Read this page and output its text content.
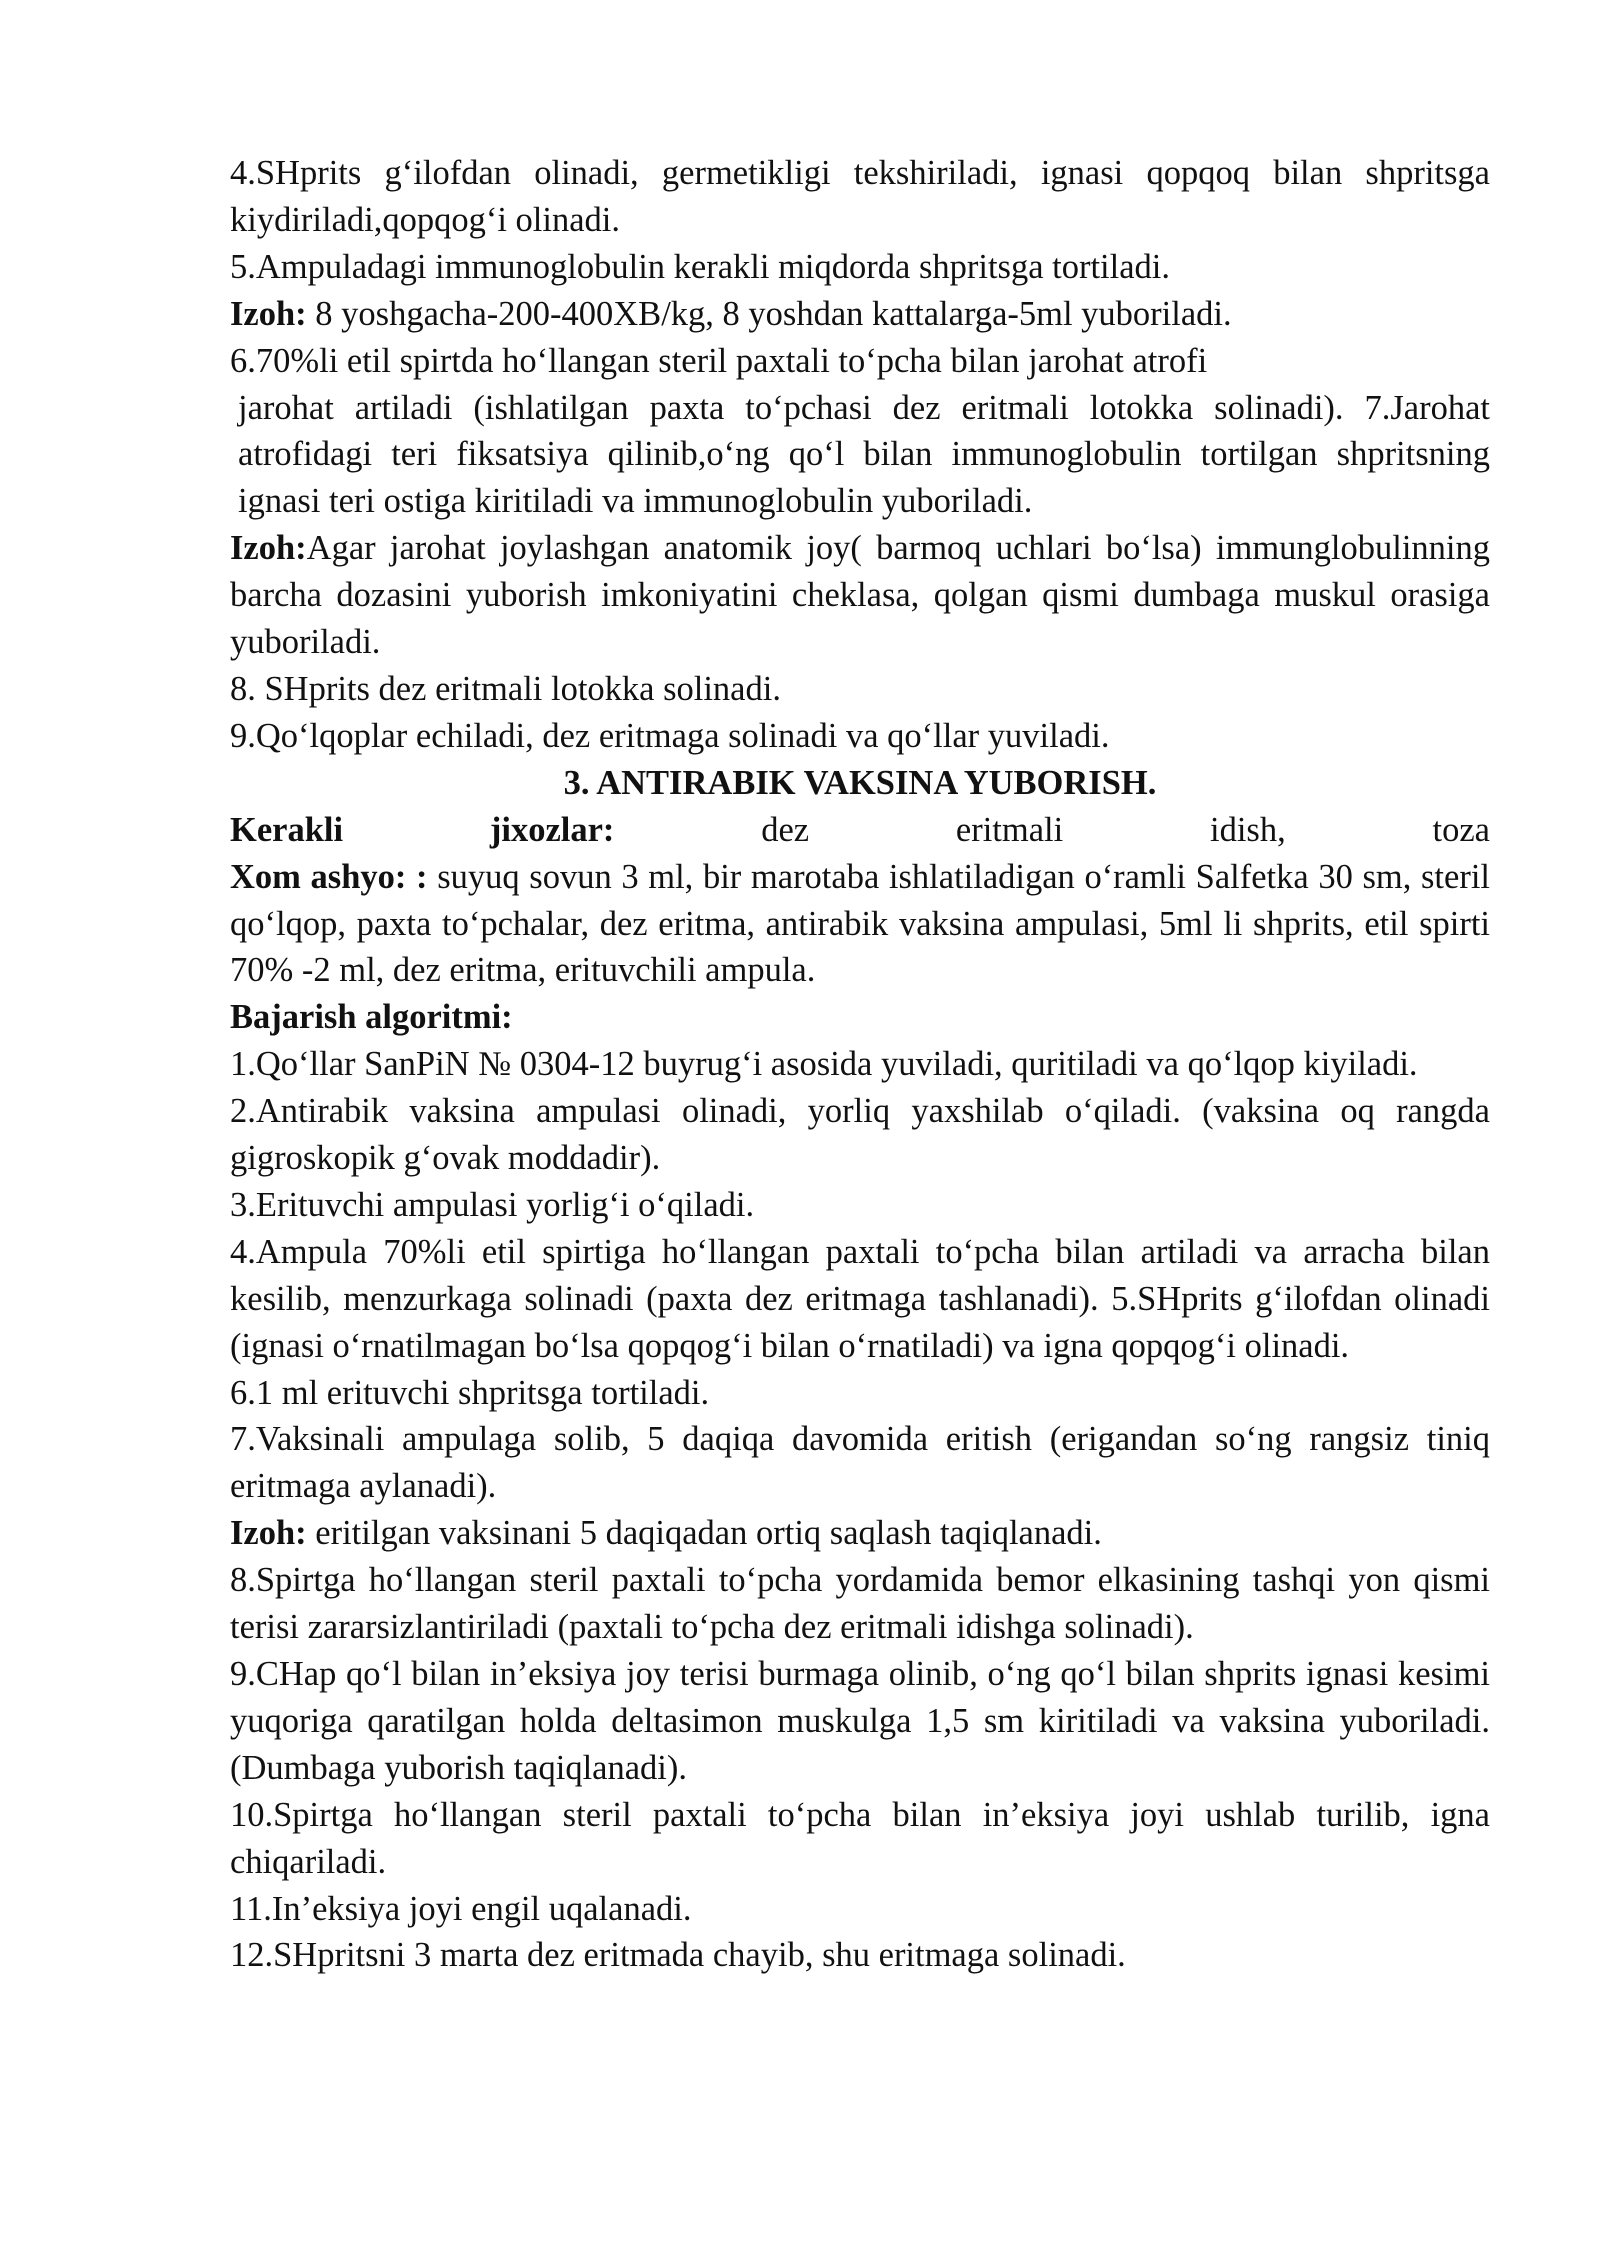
4.SHprits g‘ilofdan olinadi, germetikligi tekshiriladi, ignasi qopqoq bilan shpritsga kiydiriladi,qopqog‘i olinadi.

5.Ampuladagi immunoglobulin kerakli miqdorda shpritsga tortiladi.

Izoh: 8 yoshgacha-200-400XB/kg, 8 yoshdan kattalarga-5ml yuboriladi.

6.70%li etil spirtda ho‘llangan steril paxtali to‘pcha bilan jarohat atrofi

jarohat artiladi (ishlatilgan paxta to‘pchasi dez eritmali lotokka solinadi). 7.Jarohat atrofidagi teri fiksatsiya qilinib,o‘ng qo‘l bilan immunoglobulin tortilgan shpritsning ignasi teri ostiga kiritiladi va immunoglobulin yuboriladi.

Izoh:Agar jarohat joylashgan anatomik joy( barmoq uchlari bo‘lsa) immunglobulinning barcha dozasini yuborish imkoniyatini cheklasa, qolgan qismi dumbaga muskul orasiga yuboriladi.

8. SHprits dez eritmali lotokka solinadi.

9.Qo‘lqoplar echiladi, dez eritmaga solinadi va qo‘llar yuviladi.

3. ANTIRABIK VAKSINA YUBORISH.

Kerakli jixozlar: dez eritmali idish, toza

Xom ashyo: : suyuq sovun 3 ml, bir marotaba ishlatiladigan o‘ramli Salfetka 30 sm, steril qo‘lqop, paxta to‘pchalar, dez eritma, antirabik vaksina ampulasi, 5ml li shprits, etil spirti 70% -2 ml, dez eritma, erituvchili ampula.

Bajarish algoritmi:

1.Qo‘llar SanPiN № 0304-12 buyrug‘i asosida yuviladi, quritiladi va qo‘lqop kiyiladi.

2.Antirabik vaksina ampulasi olinadi, yorliq yaxshilab o‘qiladi. (vaksina oq rangda gigroskopik g‘ovak moddadir).

3.Erituvchi ampulasi yorlig‘i o‘qiladi.

4.Ampula 70%li etil spirtiga ho‘llangan paxtali to‘pcha bilan artiladi va arracha bilan kesilib, menzurkaga solinadi (paxta dez eritmaga tashlanadi). 5.SHprits g‘ilofdan olinadi (ignasi o‘rnatilmagan bo‘lsa qopqog‘i bilan o‘rnatiladi) va igna qopqog‘i olinadi.

6.1 ml erituvchi shpritsga tortiladi.

7.Vaksinali ampulaga solib, 5 daqiqa davomida eritish (erigandan so‘ng rangsiz tiniq eritmaga aylanadi).

Izoh: eritilgan vaksinani 5 daqiqadan ortiq saqlash taqiqlanadi.

8.Spirtga ho‘llangan steril paxtali to‘pcha yordamida bemor elkasining tashqi yon qismi terisi zararsizlantiriladi (paxtali to‘pcha dez eritmali idishga solinadi).

9.CHap qo‘l bilan in’eksiya joy terisi burmaga olinib, o‘ng qo‘l bilan shprits ignasi kesimi yuqoriga qaratilgan holda deltasimon muskulga 1,5 sm kiritiladi va vaksina yuboriladi.(Dumbaga yuborish taqiqlanadi).

10.Spirtga ho‘llangan steril paxtali to‘pcha bilan in’eksiya joyi ushlab turilib, igna chiqariladi.

11.In’eksiya joyi engil uqalanadi.

12.SHpritsni 3 marta dez eritmada chayib, shu eritmaga solinadi.
